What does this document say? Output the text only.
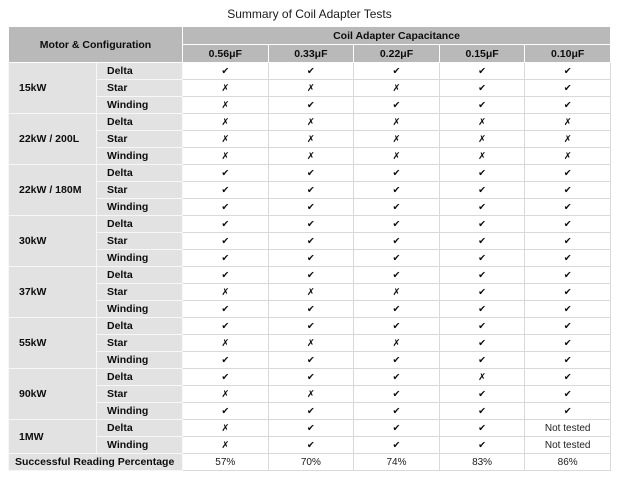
Summary of Coil Adapter Tests
Motor & Configuration		Coil Adapter Capacitance				
		0.56μF	0.33μF	0.22μF	0.15μF	0.10μF
15kW	Delta	✔	✔	✔	✔	✔
	Star	✗	✗	✗	✔	✔
	Winding	✗	✔	✔	✔	✔
22kW / 200L	Delta	✗	✗	✗	✗	✗
	Star	✗	✗	✗	✗	✗
	Winding	✗	✗	✗	✗	✗
22kW / 180M	Delta	✔	✔	✔	✔	✔
	Star	✔	✔	✔	✔	✔
	Winding	✔	✔	✔	✔	✔
30kW	Delta	✔	✔	✔	✔	✔
	Star	✔	✔	✔	✔	✔
	Winding	✔	✔	✔	✔	✔
37kW	Delta	✔	✔	✔	✔	✔
	Star	✗	✗	✗	✔	✔
	Winding	✔	✔	✔	✔	✔
55kW	Delta	✔	✔	✔	✔	✔
	Star	✗	✗	✗	✔	✔
	Winding	✔	✔	✔	✔	✔
90kW	Delta	✔	✔	✔	✗	✔
	Star	✗	✗	✔	✔	✔
	Winding	✔	✔	✔	✔	✔
1MW	Delta	✗	✔	✔	✔	Not tested
	Winding	✗	✔	✔	✔	Not tested
Successful Reading Percentage		57%	70%	74%	83%	86%
